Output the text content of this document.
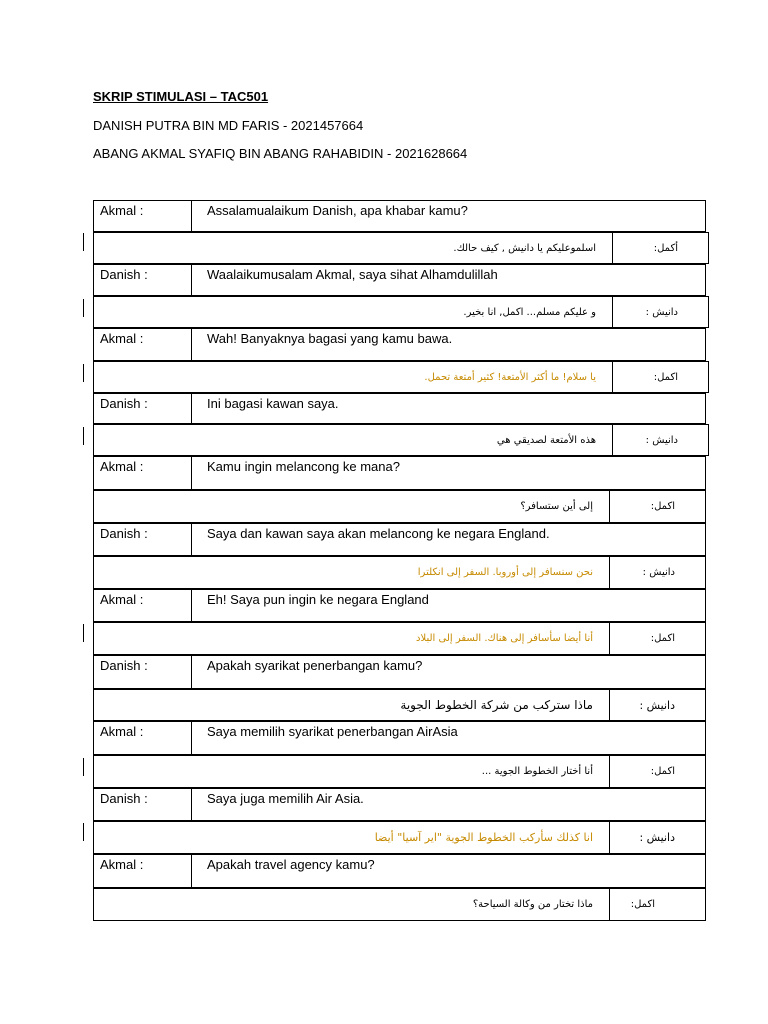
SKRIP STIMULASI – TAC501
DANISH PUTRA BIN MD FARIS - 2021457664
ABANG AKMAL SYAFIQ BIN ABANG RAHABIDIN - 2021628664
Akmal :	Assalamualaikum Danish, apa khabar kamu?
اسلموعليكم يا دانيش , كيف حالك.	أكمل:
Danish :	Waalaikumusalam Akmal, saya sihat Alhamdulillah
و عليكم مسلم... اكمل, انا بخير.	دانيش :
Akmal :	Wah! Banyaknya bagasi yang kamu bawa.
يا سلام! ما أكثر الأمتعة! كثير أمتعة تحمل.	اكمل:
Danish :	Ini bagasi kawan saya.
هذه الأمتعة لصديقي هي	دانيش :
Akmal :	Kamu ingin melancong ke mana?
إلى أين ستسافر؟	اكمل:
Danish :	Saya dan kawan saya akan melancong ke negara England.
نحن سنسافر إلى أوروبا. السفر إلى انكلترا	دانيش :
Akmal :	Eh! Saya pun ingin ke negara England
أنا أيضا سأسافر إلى هناك. السفر إلى البلاد	اكمل:
Danish :	Apakah syarikat penerbangan kamu?
ماذا ستركب من شركة الخطوط الجوية	دانيش :
Akmal :	Saya memilih syarikat penerbangan AirAsia
أنا أختار الخطوط الجوية ...	اكمل:
Danish :	Saya juga memilih Air Asia.
انا كذلك سأركب الخطوط الجوية "اير آسيا" أيضا	دانيش :
Akmal :	Apakah travel agency kamu?
ماذا تختار من وكالة السياحة؟	اكمل:
